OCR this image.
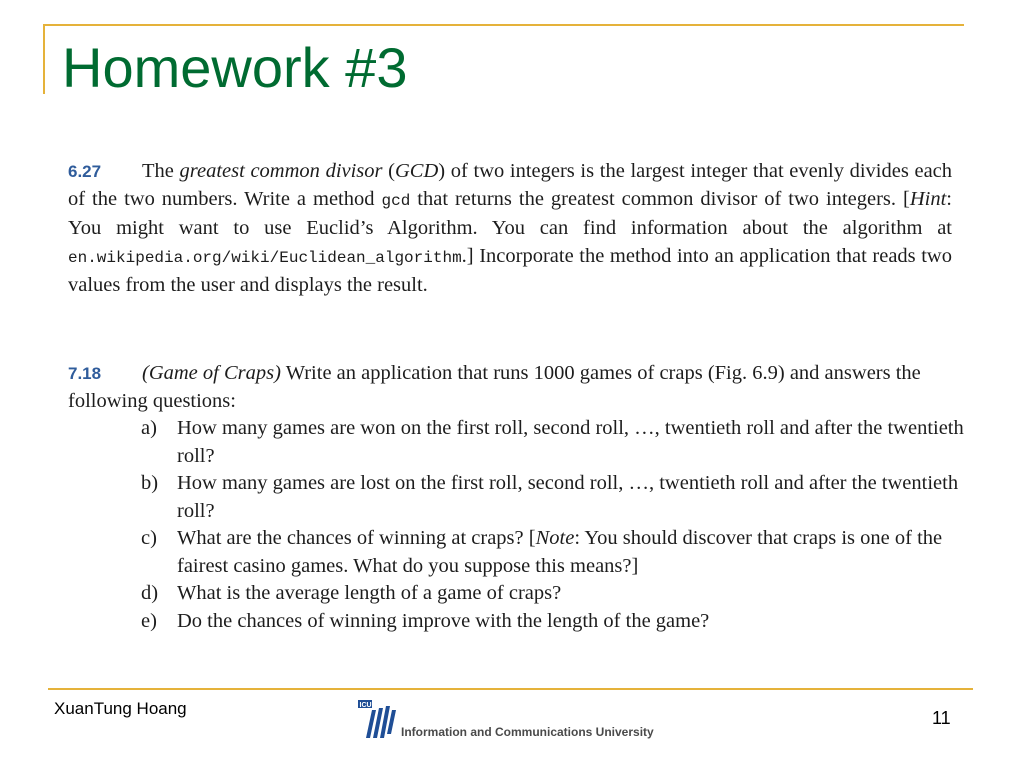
Homework #3
6.27 The greatest common divisor (GCD) of two integers is the largest integer that evenly divides each of the two numbers. Write a method gcd that returns the greatest common divisor of two integers. [Hint: You might want to use Euclid’s Algorithm. You can find information about the algorithm at en.wikipedia.org/wiki/Euclidean_algorithm.] Incorporate the method into an application that reads two values from the user and displays the result.
7.18 (Game of Craps) Write an application that runs 1000 games of craps (Fig. 6.9) and answers the following questions:
a) How many games are won on the first roll, second roll, …, twentieth roll and after the twentieth roll?
b) How many games are lost on the first roll, second roll, …, twentieth roll and after the twentieth roll?
c) What are the chances of winning at craps? [Note: You should discover that craps is one of the fairest casino games. What do you suppose this means?]
d) What is the average length of a game of craps?
e) Do the chances of winning improve with the length of the game?
XuanTung Hoang	ICU
Information and Communications University
11
